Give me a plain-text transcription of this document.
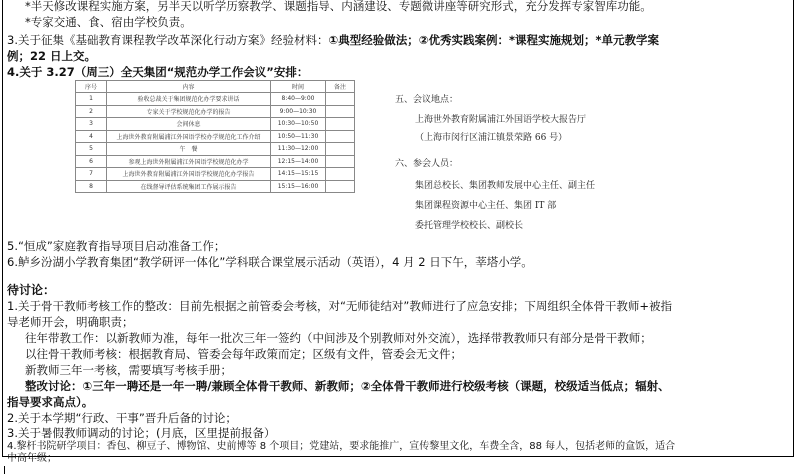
*半天修改课程实施方案，另半天以听学历察教学、课题指导、内涵建设、专题微讲座等研究形式，充分发挥专家智库功能。
*专家交通、食、宿由学校负责。
3.关于征集《基础教育课程教学改革深化行动方案》经验材料：①典型经验做法；②优秀实践案例：*课程实施规划；*单元教学案
例；22 日上交。
4.关于 3.27（周三）全天集团“规范办学工作会议”安排：
序号	内容	时间	备注
1	验收总裁关于集团规范化办学要求讲话	8:40—9:00	
2	专家关于学校规范化办学的报告	9:00—10:30	
3	会间休息	10:30—10:50	
4	上海世外教育附属浦江外国语学校办学规范化工作介绍	10:50—11:30	
5	午　餐	11:30—12:00	
6	参观上海世外附属浦江外国语学校规范化办学	12:15—14:00	
7	上海世外教育附属浦江外国语学校规范化办学报告	14:15—15:15	
8	在线督导评估系统集团工作展示报告	15:15—16:00	
五、会议地点：
上海世外教育附属浦江外国语学校大报告厅
（上海市闵行区浦江镇景荣路 66 号）
六、参会人员：
集团总校长、集团教师发展中心主任、副主任
集团课程资源中心主任、集团 IT 部
委托管理学校校长、副校长
5.“恒成”家庭教育指导项目启动准备工作；
6.鲈乡汾湖小学教育集团“教学研评一体化”学科联合课堂展示活动（英语），4 月 2 日下午，莘塔小学。
待讨论：
1.关于骨干教师考核工作的整改：目前先根据之前管委会考核，对“无师徒结对”教师进行了应急安排；下周组织全体骨干教师+被指
导老师开会，明确职责；
往年带教工作：以新教师为准，每年一批次三年一签约（中间涉及个别教师对外交流），选择带教教师只有部分是骨干教师；
以往骨干教师考核：根据教育局、管委会每年政策而定；区级有文件，管委会无文件；
新教师三年一考核，需要填写考核手册；
整改讨论：①三年一聘还是一年一聘/兼顾全体骨干教师、新教师；②全体骨干教师进行校级考核（课题，校级适当低点；辐射、
指导要求高点）。
2.关于本学期“行政、干事”晋升后备的讨论；
3.关于暑假教师调动的讨论；(月底，区里提前报备）
4.黎杆书院研学项目：香包、柳豆子、博物馆、史前博等 8 个项目；党建站，要求能推广，宣传黎里文化，车费全含，88 每人，包括老师的盒饭，适合
中高年级；
